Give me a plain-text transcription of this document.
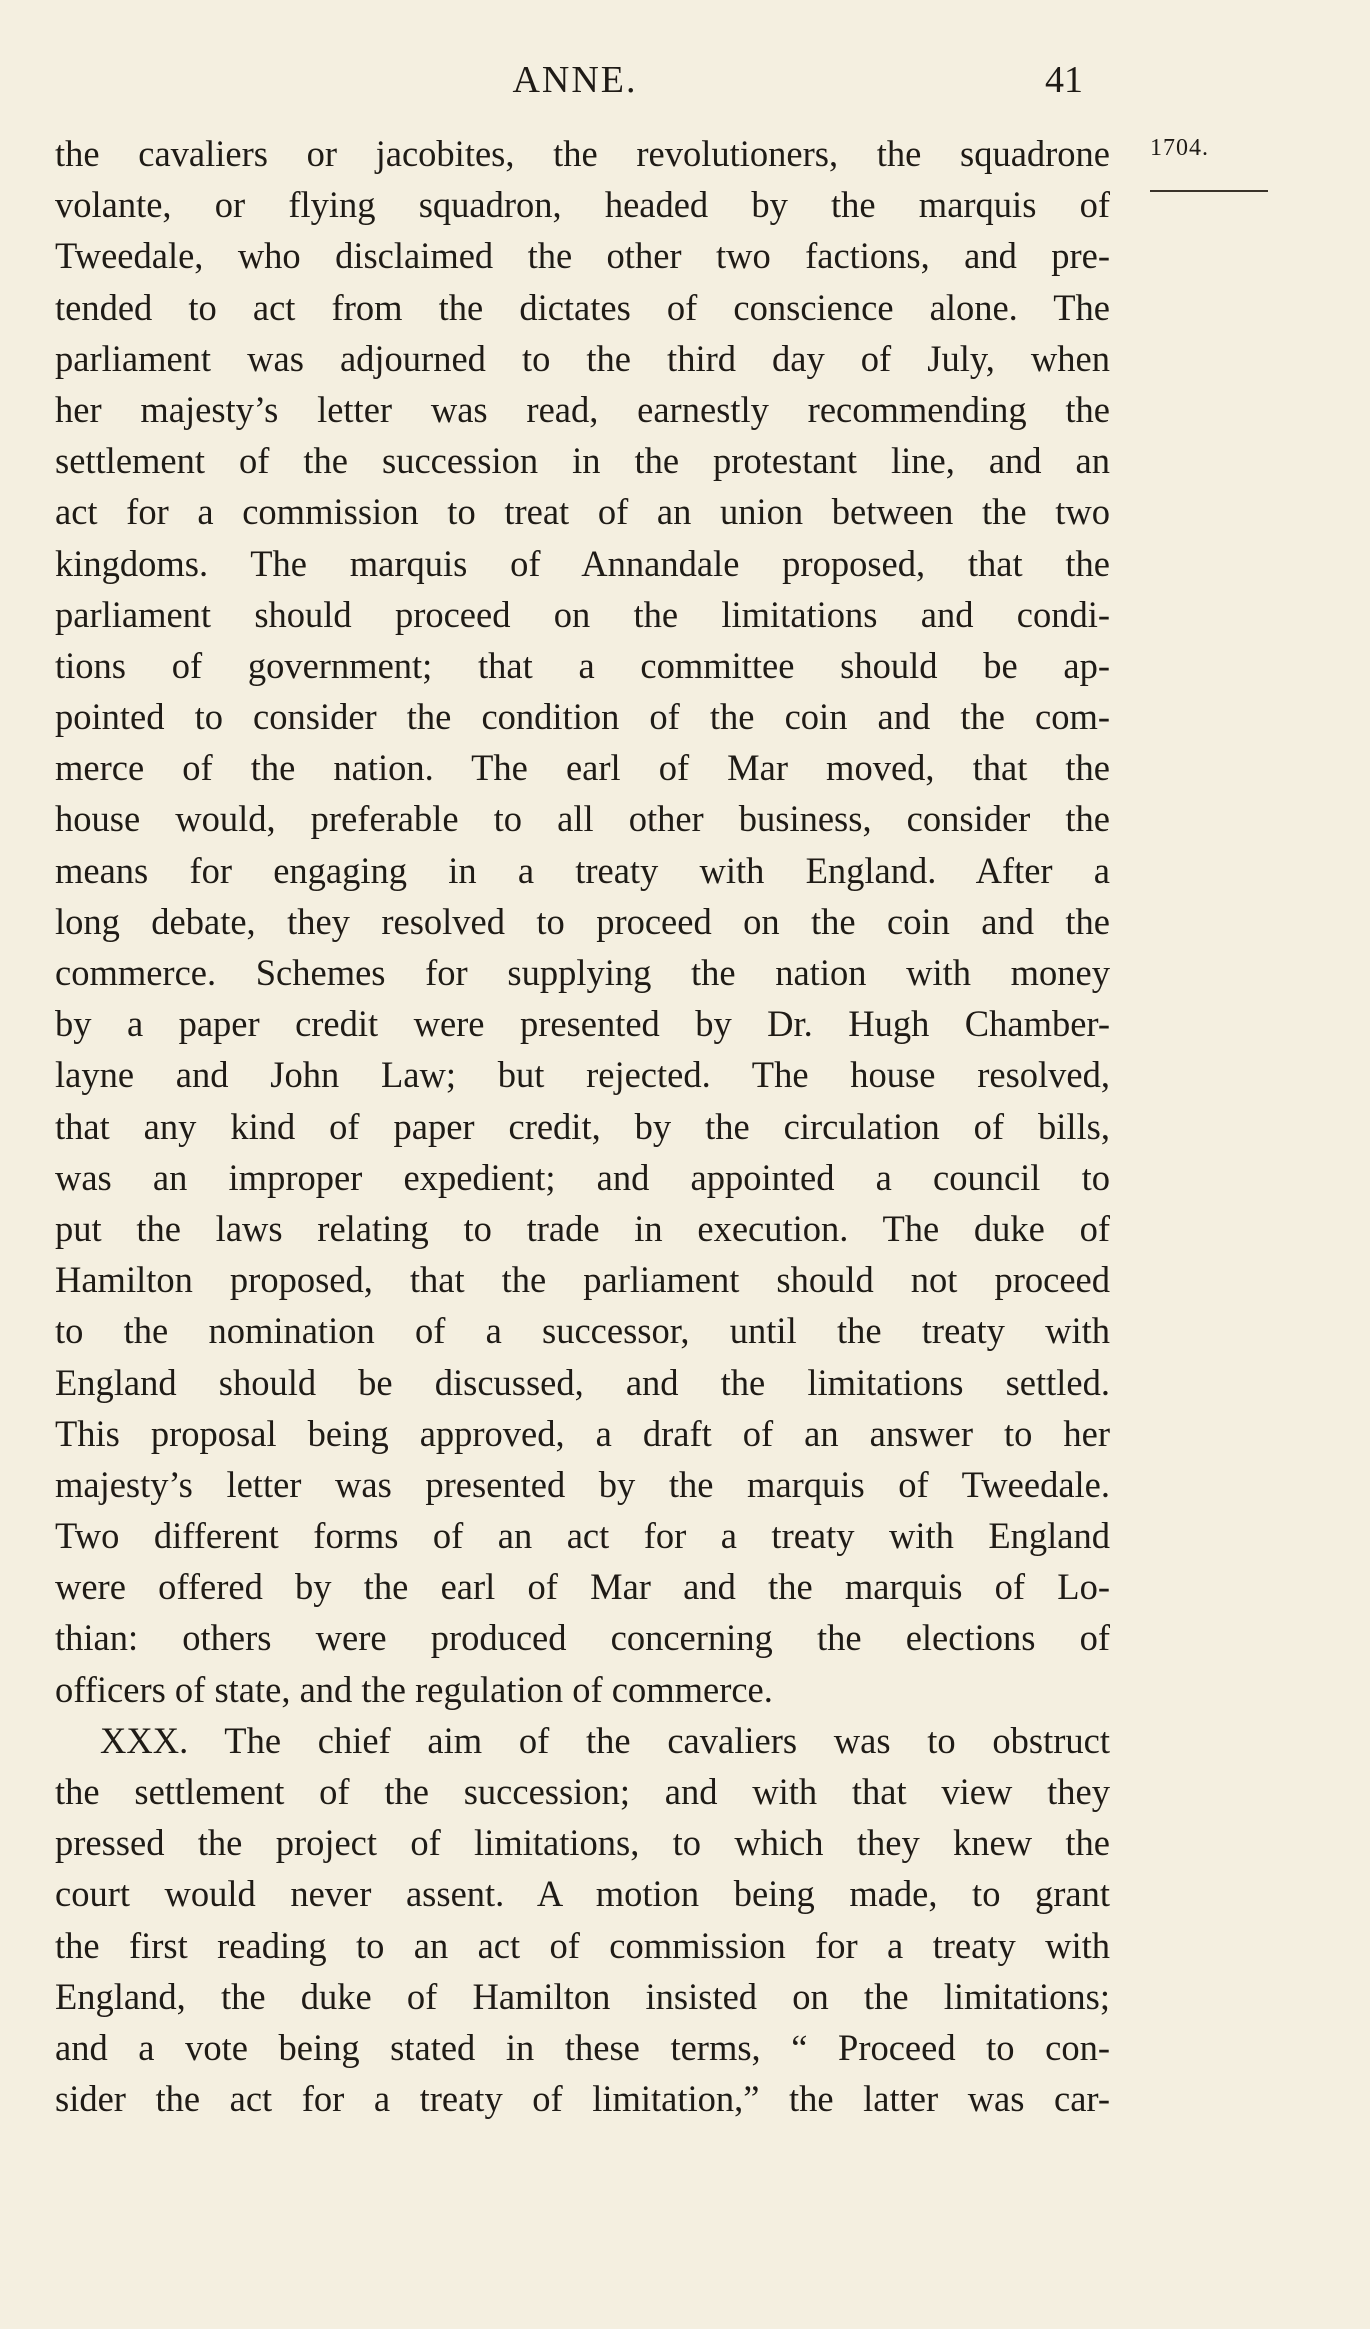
ANNE.	41
1704.
the cavaliers or jacobites, the revolutioners, the squadrone
volante, or flying squadron, headed by the marquis of
Tweedale, who disclaimed the other two factions, and pre-
tended to act from the dictates of conscience alone. The
parliament was adjourned to the third day of July, when
her majesty’s letter was read, earnestly recommending the
settlement of the succession in the protestant line, and an
act for a commission to treat of an union between the two
kingdoms. The marquis of Annandale proposed, that the
parliament should proceed on the limitations and condi-
tions of government; that a committee should be ap-
pointed to consider the condition of the coin and the com-
merce of the nation. The earl of Mar moved, that the
house would, preferable to all other business, consider the
means for engaging in a treaty with England. After a
long debate, they resolved to proceed on the coin and the
commerce. Schemes for supplying the nation with money
by a paper credit were presented by Dr. Hugh Chamber-
layne and John Law; but rejected. The house resolved,
that any kind of paper credit, by the circulation of bills,
was an improper expedient; and appointed a council to
put the laws relating to trade in execution. The duke of
Hamilton proposed, that the parliament should not proceed
to the nomination of a successor, until the treaty with
England should be discussed, and the limitations settled.
This proposal being approved, a draft of an answer to her
majesty’s letter was presented by the marquis of Tweedale.
Two different forms of an act for a treaty with England
were offered by the earl of Mar and the marquis of Lo-
thian: others were produced concerning the elections of
officers of state, and the regulation of commerce.
XXX. The chief aim of the cavaliers was to obstruct
the settlement of the succession; and with that view they
pressed the project of limitations, to which they knew the
court would never assent. A motion being made, to grant
the first reading to an act of commission for a treaty with
England, the duke of Hamilton insisted on the limitations;
and a vote being stated in these terms, “ Proceed to con-
sider the act for a treaty of limitation,” the latter was car-
